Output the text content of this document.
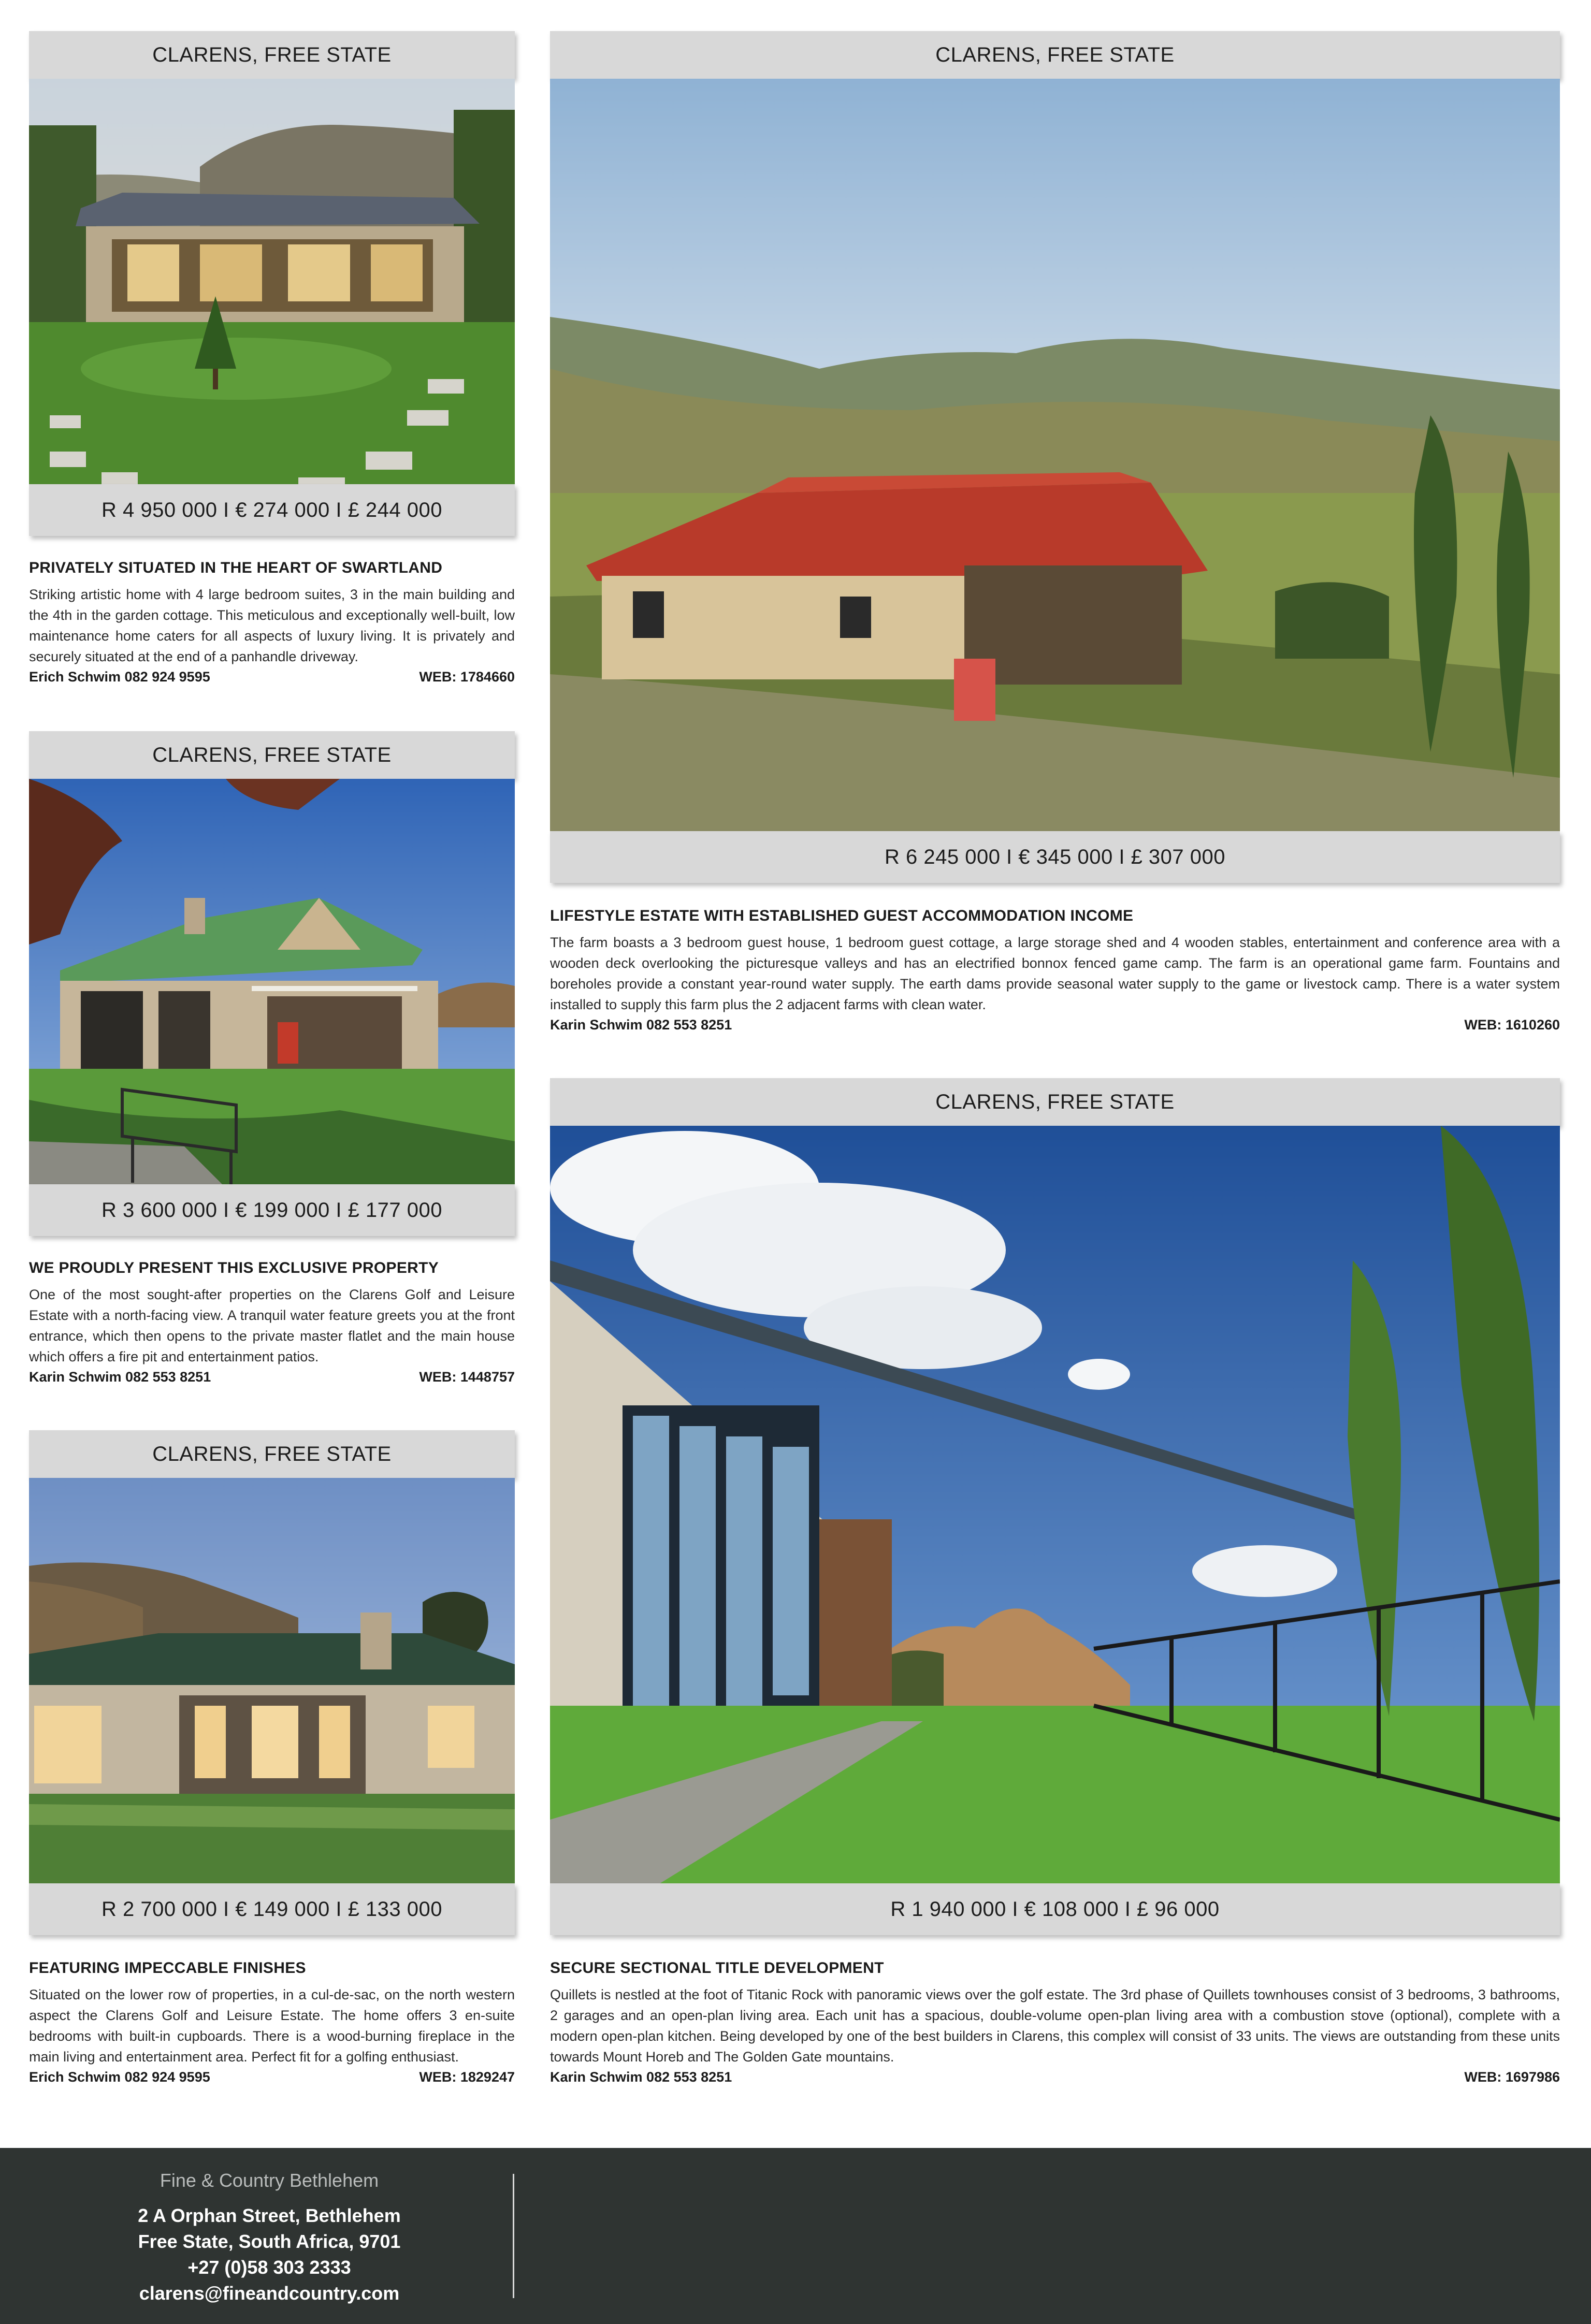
CLARENS, FREE STATE
R 4 950 000 I € 274 000 I £ 244 000
PRIVATELY SITUATED IN THE HEART OF SWARTLAND

Striking artistic home with 4 large bedroom suites, 3 in the main building and the 4th in the garden cottage. This meticulous and exceptionally well-built, low maintenance home caters for all aspects of luxury living. It is privately and securely situated at the end of a panhandle driveway.

Erich Schwim 082 924 9595	WEB: 1784660
CLARENS, FREE STATE
R 3 600 000 I € 199 000 I £ 177 000
WE PROUDLY PRESENT THIS EXCLUSIVE PROPERTY

One of the most sought-after properties on the Clarens Golf and Leisure Estate with a north-facing view. A tranquil water feature greets you at the front entrance, which then opens to the private master flatlet and the main house which offers a fire pit and entertainment patios.

Karin Schwim 082 553 8251	WEB: 1448757
CLARENS, FREE STATE
R 2 700 000 I € 149 000 I £ 133 000
FEATURING IMPECCABLE FINISHES

Situated on the lower row of properties, in a cul-de-sac, on the north western aspect the Clarens Golf and Leisure Estate. The home offers 3 en-suite bedrooms with built-in cupboards. There is a wood-burning fireplace in the main living and entertainment area. Perfect fit for a golfing enthusiast.

Erich Schwim 082 924 9595	WEB: 1829247
CLARENS, FREE STATE
R 6 245 000 I € 345 000 I £ 307 000
LIFESTYLE ESTATE WITH ESTABLISHED GUEST ACCOMMODATION INCOME

The farm boasts a 3 bedroom guest house, 1 bedroom guest cottage, a large storage shed and 4 wooden stables, entertainment and conference area with a wooden deck overlooking the picturesque valleys and has an electrified bonnox fenced game camp. The farm is an operational game farm. Fountains and boreholes provide a constant year-round water supply. The earth dams provide seasonal water supply to the game or livestock camp. There is a water system installed to supply this farm plus the 2 adjacent farms with clean water.

Karin Schwim 082 553 8251	WEB: 1610260
CLARENS, FREE STATE
R 1 940 000 I € 108 000 I £ 96 000
SECURE SECTIONAL TITLE DEVELOPMENT

Quillets is nestled at the foot of Titanic Rock with panoramic views over the golf estate. The 3rd phase of Quillets townhouses consist of 3 bedrooms, 3 bathrooms, 2 garages and an open-plan living area. Each unit has a spacious, double-volume open-plan living area with a combustion stove (optional), complete with a modern open-plan kitchen. Being developed by one of the best builders in Clarens, this complex will consist of 33 units. The views are outstanding from these units towards Mount Horeb and The Golden Gate mountains.

Karin Schwim 082 553 8251	WEB: 1697986
Fine & Country Bethlehem
2 A Orphan Street, Bethlehem
Free State, South Africa, 9701
+27 (0)58 303 2333
clarens@fineandcountry.com
